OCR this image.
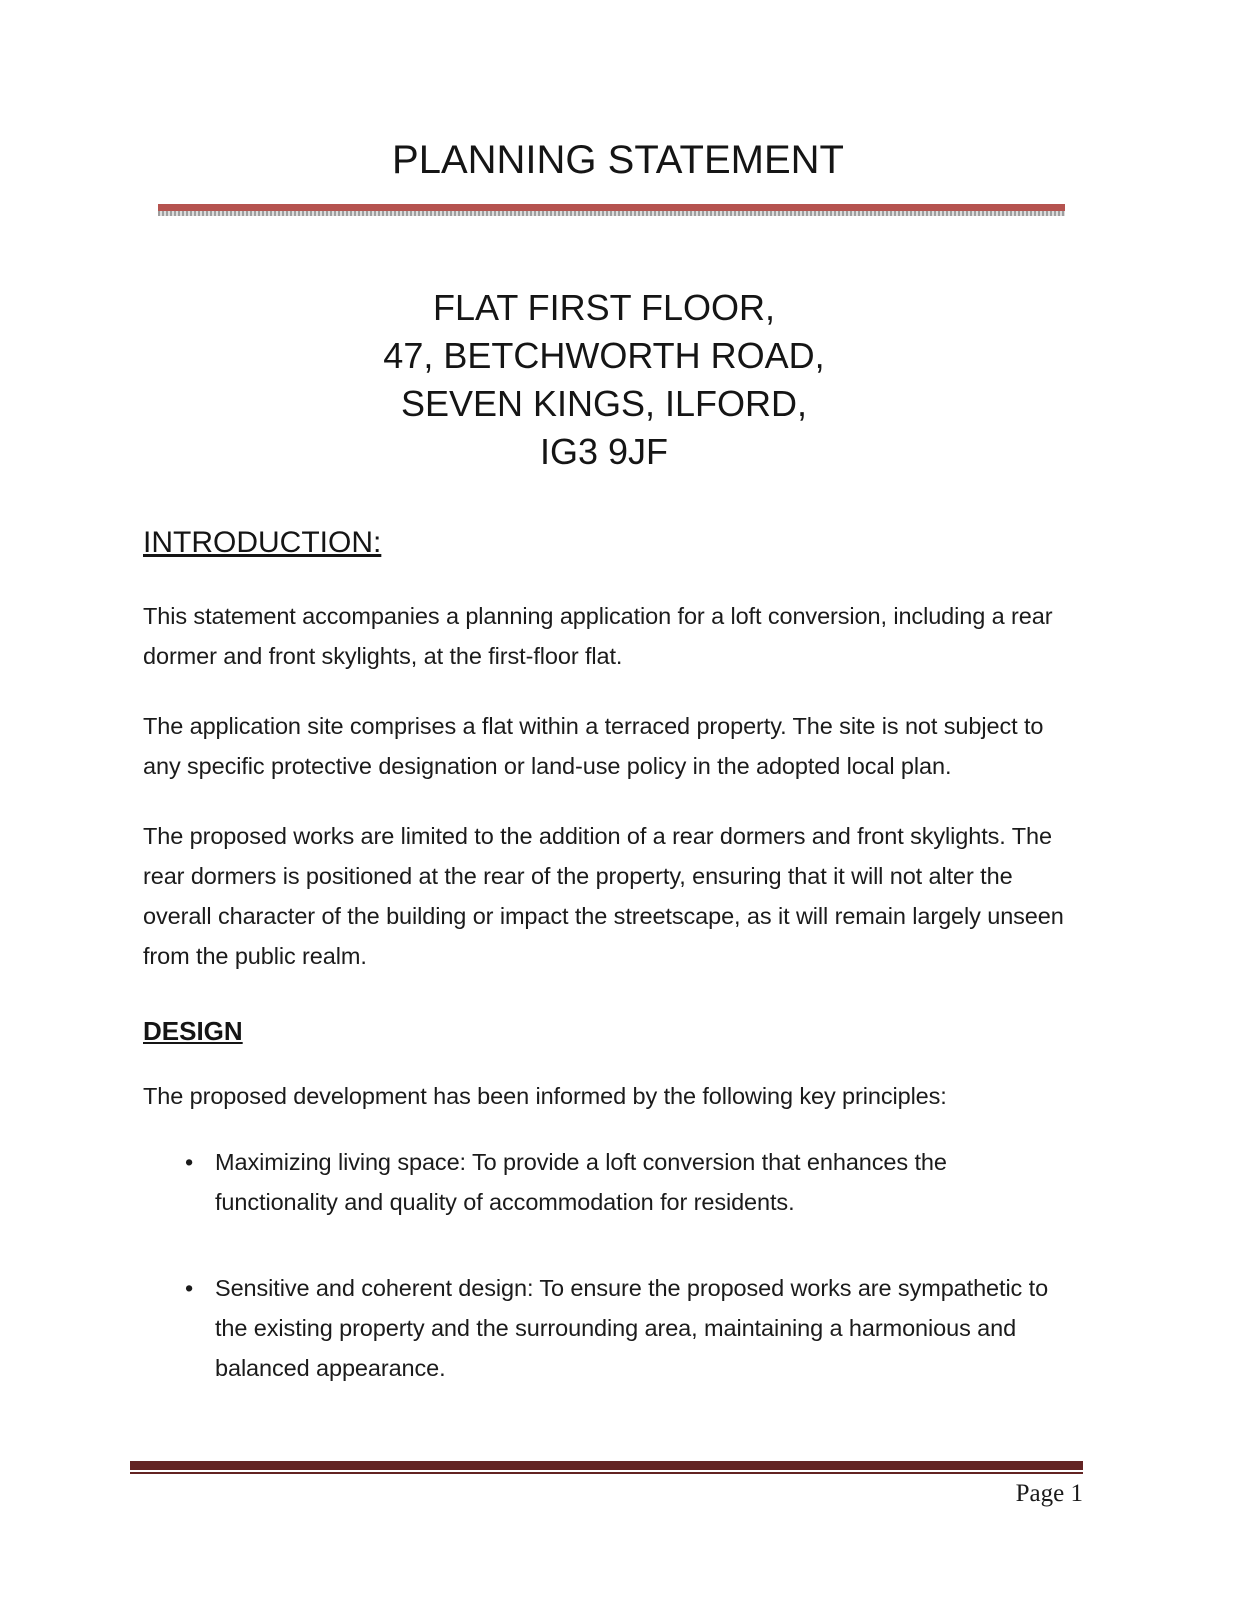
PLANNING STATEMENT
FLAT FIRST FLOOR,
47, BETCHWORTH ROAD,
SEVEN KINGS, ILFORD,
IG3 9JF
INTRODUCTION:

This statement accompanies a planning application for a loft conversion, including a rear dormer and front skylights, at the first-floor flat.

The application site comprises a flat within a terraced property. The site is not subject to any specific protective designation or land-use policy in the adopted local plan.

The proposed works are limited to the addition of a rear dormers and front skylights. The rear dormers is positioned at the rear of the property, ensuring that it will not alter the overall character of the building or impact the streetscape, as it will remain largely unseen from the public realm.

DESIGN

The proposed development has been informed by the following key principles:

• Maximizing living space: To provide a loft conversion that enhances the functionality and quality of accommodation for residents.
• Sensitive and coherent design: To ensure the proposed works are sympathetic to the existing property and the surrounding area, maintaining a harmonious and balanced appearance.
Page 1
